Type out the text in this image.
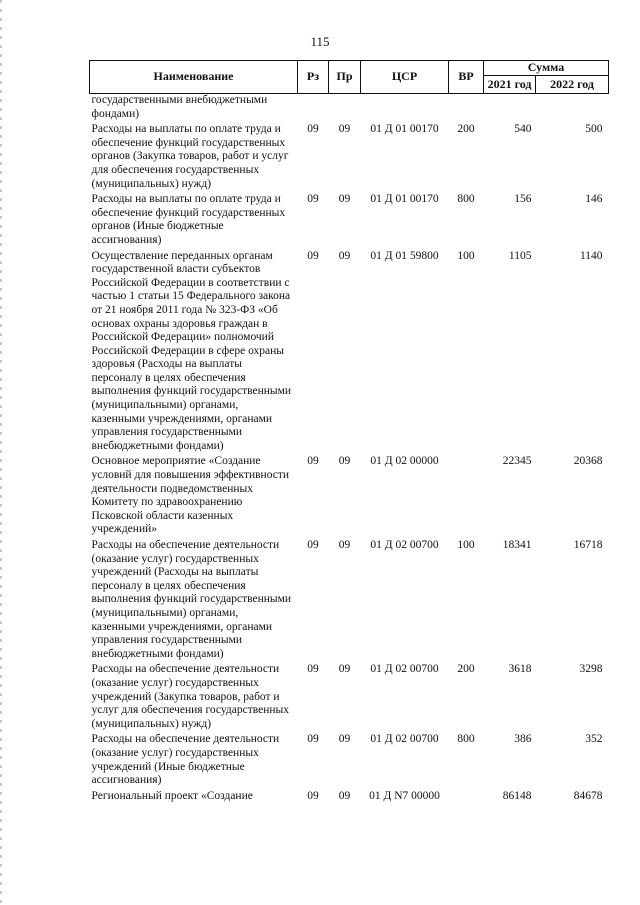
115
Наименование	Рз	Пр	ЦСР	ВР	Сумма	
					2021 год	2022 год
государственными внебюджетными фондами)						
Расходы на выплаты по оплате труда и обеспечение функций государственных органов (Закупка товаров, работ и услуг для обеспечения государственных (муниципальных) нужд)	09	09	01 Д 01 00170	200	540	500
Расходы на выплаты по оплате труда и обеспечение функций государственных органов (Иные бюджетные ассигнования)	09	09	01 Д 01 00170	800	156	146
Осуществление переданных органам государственной власти субъектов Российской Федерации в соответствии с частью 1 статьи 15 Федерального закона от 21 ноября 2011 года № 323-ФЗ «Об основах охраны здоровья граждан в Российской Федерации» полномочий Российской Федерации в сфере охраны здоровья (Расходы на выплаты персоналу в целях обеспечения выполнения функций государственными (муниципальными) органами, казенными учреждениями, органами управления государственными внебюджетными фондами)	09	09	01 Д 01 59800	100	1105	1140
Основное мероприятие «Создание условий для повышения эффективности деятельности подведомственных Комитету по здравоохранению Псковской области казенных учреждений»	09	09	01 Д 02 00000		22345	20368
Расходы на обеспечение деятельности (оказание услуг) государственных учреждений (Расходы на выплаты персоналу в целях обеспечения выполнения функций государственными (муниципальными) органами, казенными учреждениями, органами управления государственными внебюджетными фондами)	09	09	01 Д 02 00700	100	18341	16718
Расходы на обеспечение деятельности (оказание услуг) государственных учреждений (Закупка товаров, работ и услуг для обеспечения государственных (муниципальных) нужд)	09	09	01 Д 02 00700	200	3618	3298
Расходы на обеспечение деятельности (оказание услуг) государственных учреждений (Иные бюджетные ассигнования)	09	09	01 Д 02 00700	800	386	352
Региональный проект «Создание	09	09	01 Д N7 00000		86148	84678
